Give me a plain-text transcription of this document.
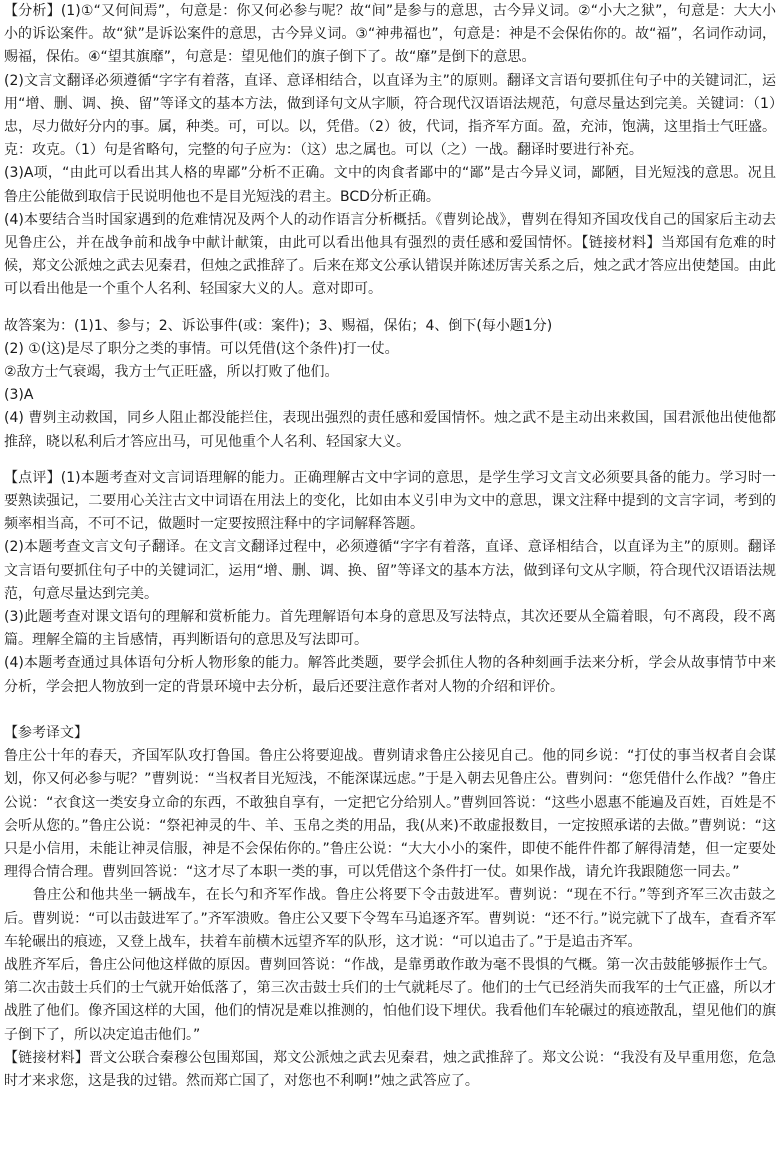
【分析】(1)①“又何间焉”，句意是：你又何必参与呢？故“间”是参与的意思，古今异义词。②“小大之狱”，句意是：大大小小的诉讼案件。故“狱”是诉讼案件的意思，古今异义词。③“神弗福也”，句意是：神是不会保佑你的。故“福”，名词作动词，赐福，保佑。④“望其旗靡”，句意是：望见他们的旗子倒下了。故“靡”是倒下的意思。

(2)文言文翻译必须遵循“字字有着落，直译、意译相结合，以直译为主”的原则。翻译文言语句要抓住句子中的关键词汇，运用“增、删、调、换、留”等译文的基本方法，做到译句文从字顺，符合现代汉语语法规范，句意尽量达到完美。关键词：（1）忠，尽力做好分内的事。属，种类。可，可以。以，凭借。（2）彼，代词，指齐军方面。盈，充沛，饱满，这里指士气旺盛。克：攻克。（1）句是省略句，完整的句子应为：（这）忠之属也。可以（之）一战。翻译时要进行补充。

(3)A项，“由此可以看出其人格的卑鄙”分析不正确。文中的肉食者鄙中的“鄙”是古今异义词，鄙陋，目光短浅的意思。况且鲁庄公能做到取信于民说明他也不是目光短浅的君主。BCD分析正确。

(4)本要结合当时国家遇到的危难情况及两个人的动作语言分析概括。《曹刿论战》，曹刿在得知齐国攻伐自己的国家后主动去见鲁庄公，并在战争前和战争中献计献策，由此可以看出他具有强烈的责任感和爱国情怀。【链接材料】当郑国有危难的时候，郑文公派烛之武去见秦君，但烛之武推辞了。后来在郑文公承认错误并陈述厉害关系之后，烛之武才答应出使楚国。由此可以看出他是一个重个人名利、轻国家大义的人。意对即可。

故答案为：(1)1、参与；2、诉讼事件(或：案件)；3、赐福，保佑；4、倒下(每小题1分)

(2) ①(这)是尽了职分之类的事情。可以凭借(这个条件)打一仗。

②敌方士气衰竭，我方士气正旺盛，所以打败了他们。

(3)A

(4) 曹刿主动救国，同乡人阻止都没能拦住，表现出强烈的责任感和爱国情怀。烛之武不是主动出来救国，国君派他出使他都推辞，晓以私利后才答应出马，可见他重个人名利、轻国家大义。

【点评】(1)本题考查对文言词语理解的能力。正确理解古文中字词的意思，是学生学习文言文必须要具备的能力。学习时一要熟读强记，二要用心关注古文中词语在用法上的变化，比如由本义引申为文中的意思，课文注释中提到的文言字词，考到的频率相当高，不可不记，做题时一定要按照注释中的字词解释答题。

(2)本题考查文言文句子翻译。在文言文翻译过程中，必须遵循“字字有着落，直译、意译相结合，以直译为主”的原则。翻译文言语句要抓住句子中的关键词汇，运用“增、删、调、换、留”等译文的基本方法，做到译句文从字顺，符合现代汉语语法规范，句意尽量达到完美。

(3)此题考查对课文语句的理解和赏析能力。首先理解语句本身的意思及写法特点，其次还要从全篇着眼，句不离段，段不离篇。理解全篇的主旨感情，再判断语句的意思及写法即可。

(4)本题考查通过具体语句分析人物形象的能力。解答此类题，要学会抓住人物的各种刻画手法来分析，学会从故事情节中来分析，学会把人物放到一定的背景环境中去分析，最后还要注意作者对人物的介绍和评价。

【参考译文】

鲁庄公十年的春天，齐国军队攻打鲁国。鲁庄公将要迎战。曹刿请求鲁庄公接见自己。他的同乡说：“打仗的事当权者自会谋划，你又何必参与呢？”曹刿说：“当权者目光短浅，不能深谋远虑。”于是入朝去见鲁庄公。曹刿问：“您凭借什么作战？”鲁庄公说：“衣食这一类安身立命的东西，不敢独自享有，一定把它分给别人。”曹刿回答说：“这些小恩惠不能遍及百姓，百姓是不会听从您的。”鲁庄公说：“祭祀神灵的牛、羊、玉帛之类的用品，我(从来)不敢虚报数目，一定按照承诺的去做。”曹刿说：“这只是小信用，未能让神灵信服，神是不会保佑你的。”鲁庄公说：“大大小小的案件，即使不能件件都了解得清楚，但一定要处理得合情合理。曹刿回答说：“这才尽了本职一类的事，可以凭借这个条件打一仗。如果作战，请允许我跟随您一同去。”

　　鲁庄公和他共坐一辆战车，在长勺和齐军作战。鲁庄公将要下令击鼓进军。曹刿说：“现在不行。”等到齐军三次击鼓之后。曹刿说：“可以击鼓进军了。”齐军溃败。鲁庄公又要下令驾车马追逐齐军。曹刿说：“还不行。”说完就下了战车，查看齐军车轮碾出的痕迹，又登上战车，扶着车前横木远望齐军的队形，这才说：“可以追击了。”于是追击齐军。

战胜齐军后，鲁庄公问他这样做的原因。曹刿回答说：“作战，是靠勇敢作敢为毫不畏惧的气概。第一次击鼓能够振作士气。第二次击鼓士兵们的士气就开始低落了，第三次击鼓士兵们的士气就耗尽了。他们的士气已经消失而我军的士气正盛，所以才战胜了他们。像齐国这样的大国，他们的情况是难以推测的，怕他们设下埋伏。我看他们车轮碾过的痕迹散乱，望见他们的旗子倒下了，所以决定追击他们。”

【链接材料】晋文公联合秦穆公包围郑国，郑文公派烛之武去见秦君，烛之武推辞了。郑文公说：“我没有及早重用您，危急时才来求您，这是我的过错。然而郑亡国了，对您也不利啊!”烛之武答应了。
